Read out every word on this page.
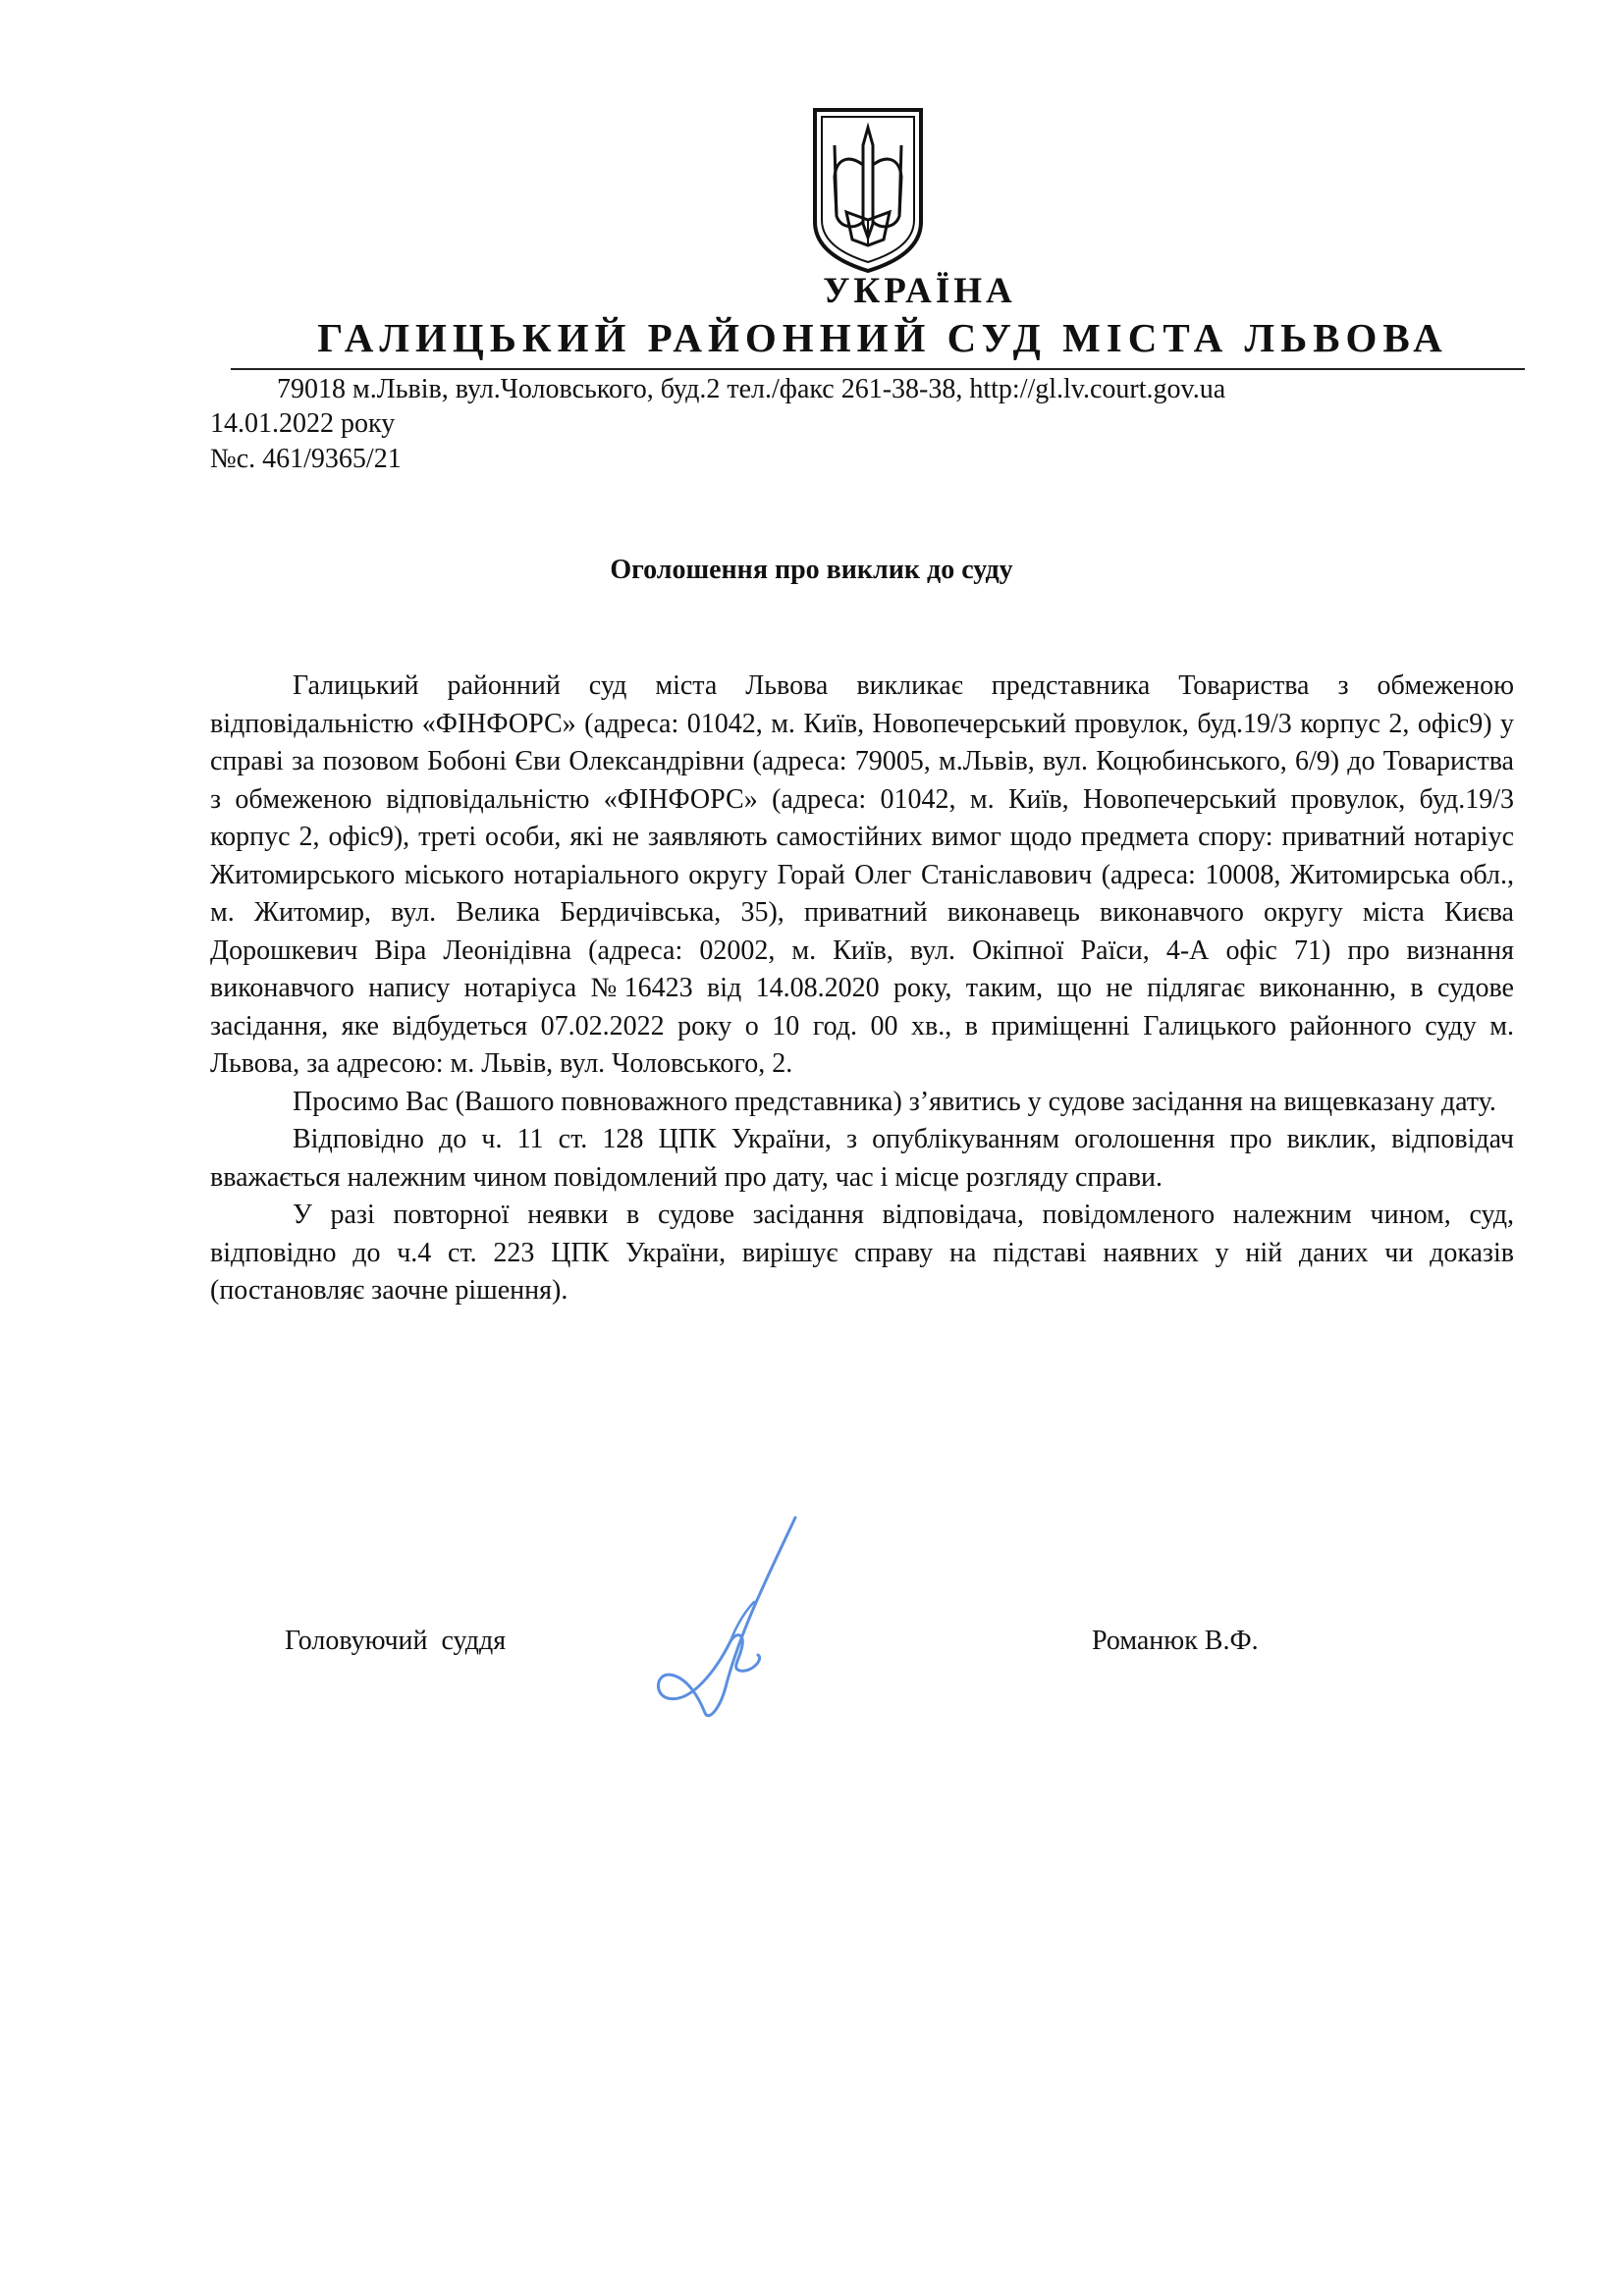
УКРАЇНА
ГАЛИЦЬКИЙ РАЙОННИЙ СУД МІСТА ЛЬВОВА
79018 м.Львів, вул.Чоловського, буд.2 тел./факс 261-38-38, http://gl.lv.court.gov.ua
14.01.2022 року
№с. 461/9365/21
Оголошення про виклик до суду

Галицький районний суд міста Львова викликає представника Товариства з обмеженою відповідальністю «ФІНФОРС» (адреса: 01042, м. Київ, Новопечерський провулок, буд.19/3 корпус 2, офіс9) у справі за позовом Бобоні Єви Олександрівни (адреса: 79005, м.Львів, вул. Коцюбинського, 6/9) до Товариства з обмеженою відповідальністю «ФІНФОРС» (адреса: 01042, м. Київ, Новопечерський провулок, буд.19/3 корпус 2, офіс9), треті особи, які не заявляють самостійних вимог щодо предмета спору: приватний нотаріус Житомирського міського нотаріального округу Горай Олег Станіславович (адреса: 10008, Житомирська обл., м. Житомир, вул. Велика Бердичівська, 35), приватний виконавець виконавчого округу міста Києва Дорошкевич Віра Леонідівна (адреса: 02002, м. Київ, вул. Окіпної Раїси, 4-А офіс 71) про визнання виконавчого напису нотаріуса №16423 від 14.08.2020 року, таким, що не підлягає виконанню, в судове засідання, яке відбудеться 07.02.2022 року о 10 год. 00 хв., в приміщенні Галицького районного суду м. Львова, за адресою: м. Львів, вул. Чоловського, 2.

Просимо Вас (Вашого повноважного представника) з’явитись у судове засідання на вищевказану дату.

Відповідно до ч. 11 ст. 128 ЦПК України, з опублікуванням оголошення про виклик, відповідач вважається належним чином повідомлений про дату, час і місце розгляду справи.

У разі повторної неявки в судове засідання відповідача, повідомленого належним чином, суд, відповідно до ч.4 ст. 223 ЦПК України, вирішує справу на підставі наявних у ній даних чи доказів (постановляє заочне рішення).

Головуючий  суддя	Романюк В.Ф.
